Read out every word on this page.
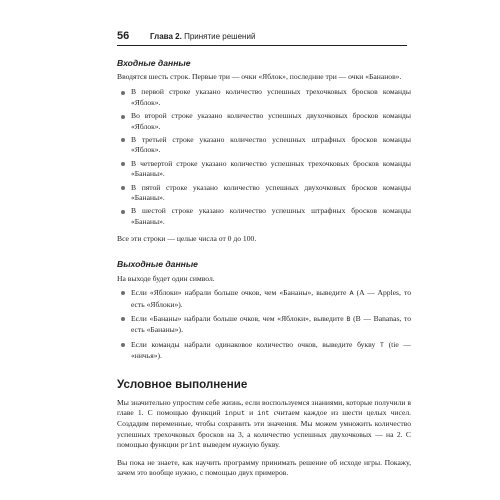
56	Глава 2. Принятие решений
Входные данные

Вводятся шесть строк. Первые три — очки «Яблок», последние три — очки «Бананов».

В первой строке указано количество успешных трехочковых бросков команды «Яблок».
Во второй строке указано количество успешных двухочковых бросков команды «Яблок».
В третьей строке указано количество успешных штрафных бросков команды «Яблок».
В четвертой строке указано количество успешных трехочковых бросков команды «Бананы».
В пятой строке указано количество успешных двухочковых бросков команды «Бананы».
В шестой строке указано количество успешных штрафных бросков команды «Бананы».

Все эти строки — целые числа от 0 до 100.

Выходные данные

На выходе будет один символ.

Если «Яблоки» набрали больше очков, чем «Бананы», выведите A (A — Apples, то есть «Яблоки»).
Если «Бананы» набрали больше очков, чем «Яблоки», выведите B (B — Bananas, то есть «Бананы»).
Если команды набрали одинаковое количество очков, выведите букву T (tie — «ничья»).
Условное выполнение

Мы значительно упростим себе жизнь, если воспользуемся знаниями, которые получили в главе 1. С помощью функций input и int считаем каждое из шести целых чисел. Создадим переменные, чтобы сохранить эти значения. Мы можем умножить количество успешных трехочковых бросков на 3, а количество успешных двухочковых — на 2. С помощью функции print выведем нужную букву.

Вы пока не знаете, как научить программу принимать решение об исходе игры. Покажу, зачем это вообще нужно, с помощью двух примеров.
